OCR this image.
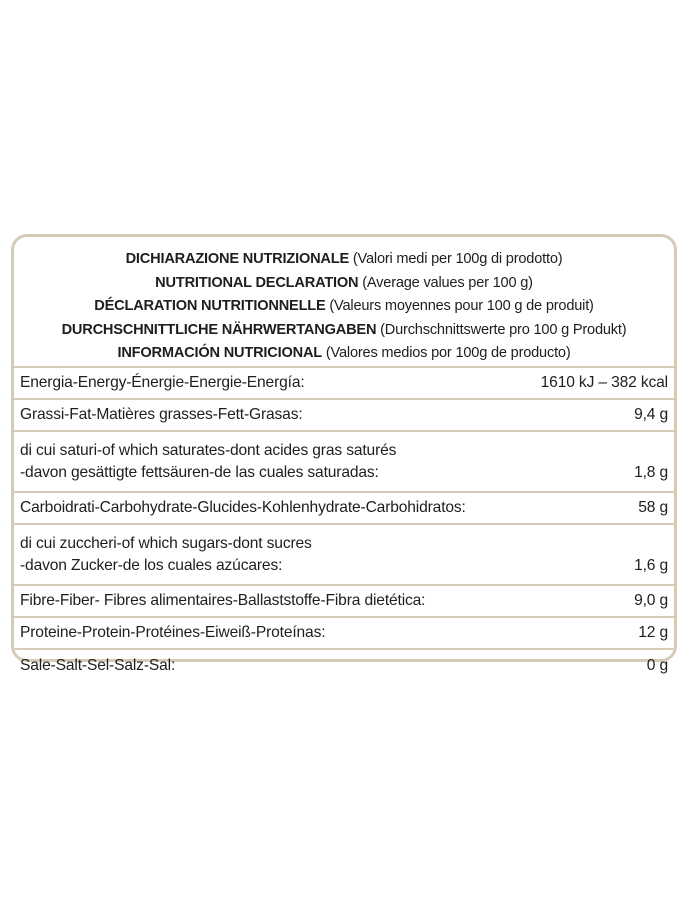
DICHIARAZIONE NUTRIZIONALE (Valori medi per 100g di prodotto)
NUTRITIONAL DECLARATION (Average values per 100 g)
DÉCLARATION NUTRITIONNELLE (Valeurs moyennes pour 100 g de produit)
DURCHSCHNITTLICHE NÄHRWERTANGABEN (Durchschnittswerte pro 100 g Produkt)
INFORMACIÓN NUTRICIONAL (Valores medios por 100g de producto)
Energia-Energy-Énergie-Energie-Energía:	1610 kJ – 382 kcal
Grassi-Fat-Matières grasses-Fett-Grasas:	9,4 g
di cui saturi-of which saturates-dont acides gras saturés
-davon gesättigte fettsäuren-de las cuales saturadas:	1,8 g
Carboidrati-Carbohydrate-Glucides-Kohlenhydrate-Carbohidratos:	58 g
di cui zuccheri-of which sugars-dont sucres
-davon Zucker-de los cuales azúcares:	1,6 g
Fibre-Fiber- Fibres alimentaires-Ballaststoffe-Fibra dietética:	9,0 g
Proteine-Protein-Protéines-Eiweiß-Proteínas:	12 g
Sale-Salt-Sel-Salz-Sal:	0 g
